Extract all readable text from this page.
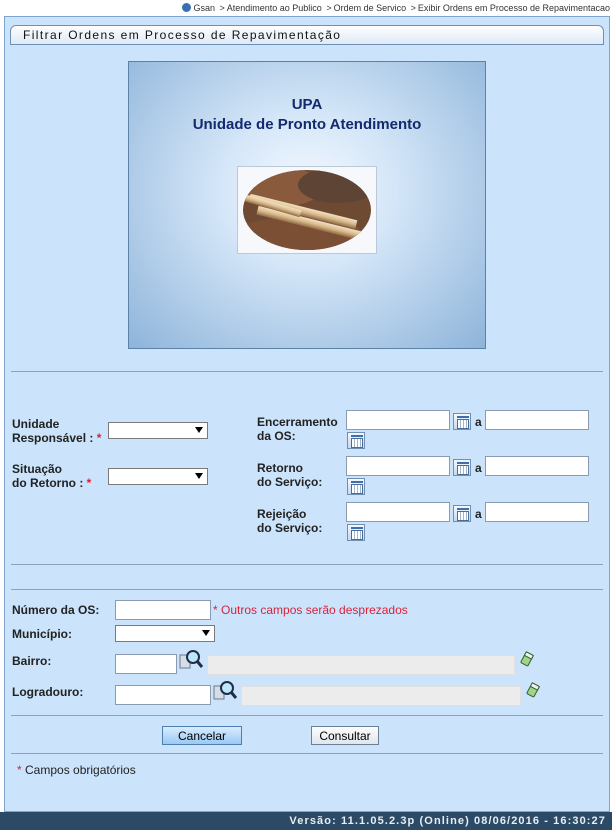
Gsan > Atendimento ao Publico > Ordem de Servico > Exibir Ordens em Processo de Repavimentacao
Filtrar Ordens em Processo de Repavimentação
UPA
Unidade de Pronto Atendimento
Unidade
Responsável : *
Situação
do Retorno : *
Encerramento
da OS:
a
Retorno
do Serviço:
a
Rejeição
do Serviço:
a
Número da OS:	* Outros campos serão desprezados
Município:
Bairro:
Logradouro:
Cancelar	Consultar
* Campos obrigatórios
Versão: 11.1.05.2.3p (Online) 08/06/2016 - 16:30:27
